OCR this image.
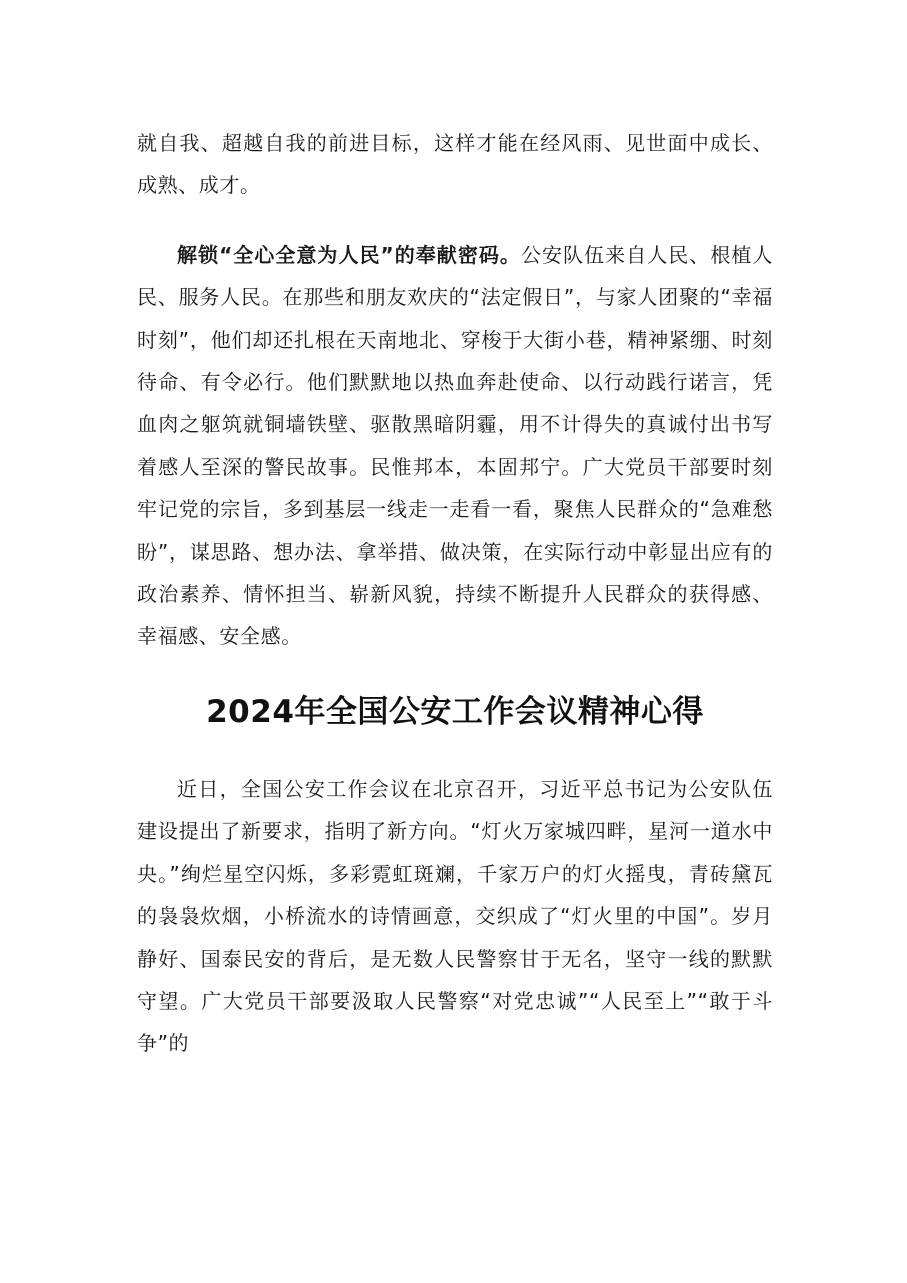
就自我、超越自我的前进目标，这样才能在经风雨、见世面中成长、成熟、成才。

解锁“全心全意为人民”的奉献密码。公安队伍来自人民、根植人民、服务人民。在那些和朋友欢庆的“法定假日”，与家人团聚的“幸福时刻”，他们却还扎根在天南地北、穿梭于大街小巷，精神紧绷、时刻待命、有令必行。他们默默地以热血奔赴使命、以行动践行诺言，凭血肉之躯筑就铜墙铁壁、驱散黑暗阴霾，用不计得失的真诚付出书写着感人至深的警民故事。民惟邦本，本固邦宁。广大党员干部要时刻牢记党的宗旨，多到基层一线走一走看一看，聚焦人民群众的“急难愁盼”，谋思路、想办法、拿举措、做决策，在实际行动中彰显出应有的政治素养、情怀担当、崭新风貌，持续不断提升人民群众的获得感、幸福感、安全感。

2024年全国公安工作会议精神心得

近日，全国公安工作会议在北京召开，习近平总书记为公安队伍建设提出了新要求，指明了新方向。“灯火万家城四畔，星河一道水中央。”绚烂星空闪烁，多彩霓虹斑斓，千家万户的灯火摇曳，青砖黛瓦的袅袅炊烟，小桥流水的诗情画意，交织成了“灯火里的中国”。岁月静好、国泰民安的背后，是无数人民警察甘于无名，坚守一线的默默守望。广大党员干部要汲取人民警察“对党忠诚”“人民至上”“敢于斗争”的
